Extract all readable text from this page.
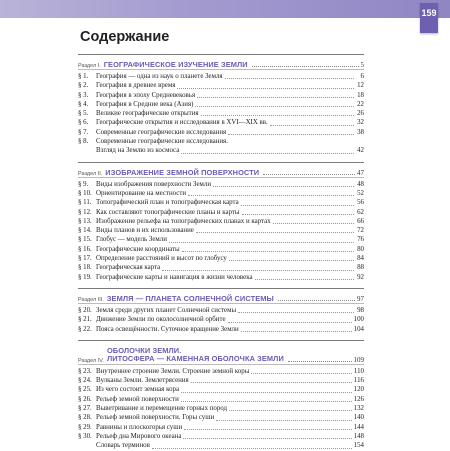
159
Содержание
Раздел I. ГЕОГРАФИЧЕСКОЕ ИЗУЧЕНИЕ ЗЕМЛИ	5
§ 1.	География — одна из наук о планете Земля	6
§ 2.	География в древнее время	12
§ 3.	География в эпоху Средневековья	18
§ 4.	География в Средние века (Азия)	22
§ 5.	Великие географические открытия	26
§ 6.	Географические открытия и исследования в XVI—XIX вв.	32
§ 7.	Современные географические исследования	38
§ 8.	Современные географические исследования.
Взгляд на Землю из космоса	42
Раздел II. ИЗОБРАЖЕНИЕ ЗЕМНОЙ ПОВЕРХНОСТИ	47
§ 9.	Виды изображения поверхности Земли	48
§ 10. Ориентирование на местности	52
§ 11. Топографический план и топографическая карта	56
§ 12. Как составляют топографические планы и карты	62
§ 13. Изображение рельефа на топографических планах и картах	66
§ 14. Виды планов и их использование	72
§ 15. Глобус — модель Земли	76
§ 16. Географические координаты	80
§ 17. Определение расстояний и высот по глобусу	84
§ 18. Географическая карта	88
§ 19. Географические карты и навигация в жизни человека	92
Раздел III. ЗЕМЛЯ — ПЛАНЕТА СОЛНЕЧНОЙ СИСТЕМЫ	97
§ 20. Земля среди других планет Солнечной системы	98
§ 21. Движение Земли по околосолнечной орбите	100
§ 22. Пояса освещённости. Суточное вращение Земли	104
Раздел IV.
ОБОЛОЧКИ ЗЕМЛИ.
ЛИТОСФЕРА — КАМЕННАЯ ОБОЛОЧКА ЗЕМЛИ	109
§ 23. Внутреннее строение Земли. Строение земной коры	110
§ 24. Вулканы Земли. Землетрясения	116
§ 25. Из чего состоит земная кора	120
§ 26. Рельеф земной поверхности	126
§ 27. Выветривание и перемещение горных пород	132
§ 28. Рельеф земной поверхности. Горы суши	140
§ 29. Равнины и плоскогорья суши	144
§ 30. Рельеф дна Мирового океана	148
Словарь терминов	154
